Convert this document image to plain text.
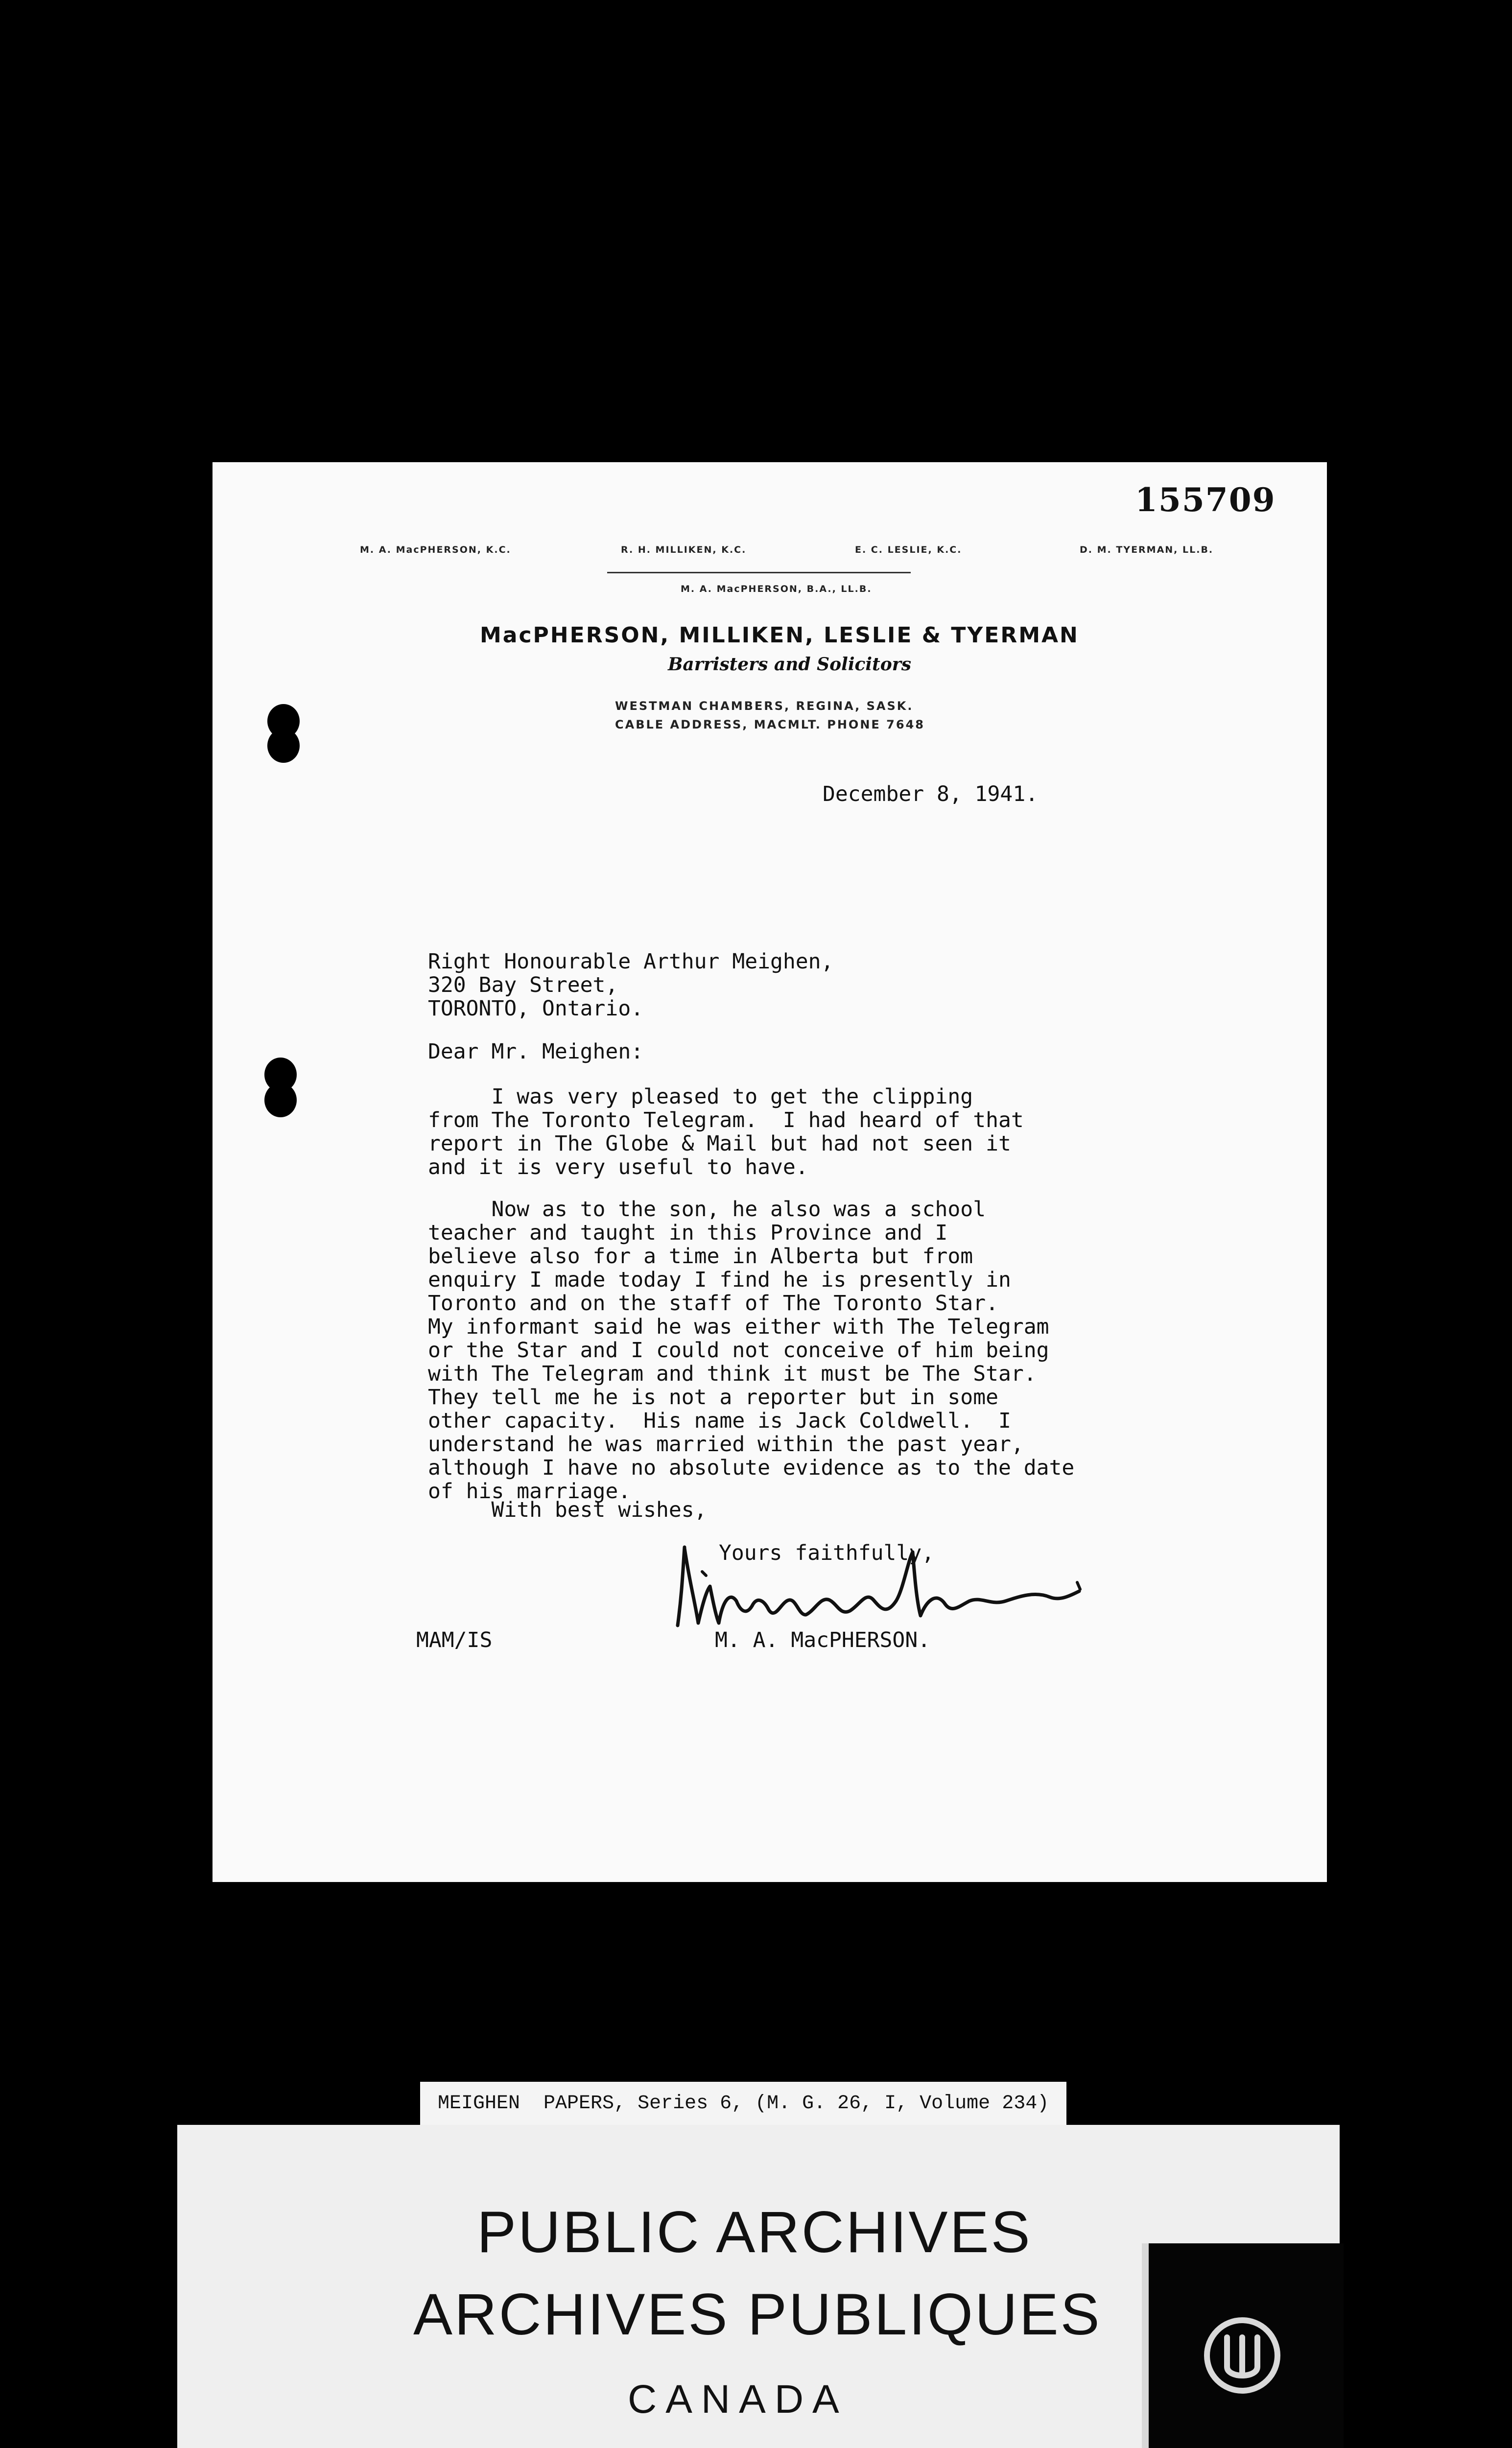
155709
M. A. MacPHERSON, K.C.	R. H. MILLIKEN, K.C.	E. C. LESLIE, K.C.	D. M. TYERMAN, LL.B.
M. A. MacPHERSON, B.A., LL.B.
MacPHERSON, MILLIKEN, LESLIE & TYERMAN
Barristers and Solicitors
WESTMAN CHAMBERS, REGINA, SASK.
CABLE ADDRESS, MACMLT. PHONE 7648
December 8, 1941.
Right Honourable Arthur Meighen,
320 Bay Street,
TORONTO, Ontario.
Dear Mr. Meighen:
I was very pleased to get the clipping
from The Toronto Telegram.  I had heard of that
report in The Globe & Mail but had not seen it
and it is very useful to have.
Now as to the son, he also was a school
teacher and taught in this Province and I
believe also for a time in Alberta but from
enquiry I made today I find he is presently in
Toronto and on the staff of The Toronto Star.
My informant said he was either with The Telegram
or the Star and I could not conceive of him being
with The Telegram and think it must be The Star.
They tell me he is not a reporter but in some
other capacity.  His name is Jack Coldwell.  I
understand he was married within the past year,
although I have no absolute evidence as to the date
of his marriage.
With best wishes,
Yours faithfully,
MAM/IS	M. A. MacPHERSON.
MEIGHEN  PAPERS, Series 6, (M. G. 26, I, Volume 234)
PUBLIC ARCHIVES
ARCHIVES PUBLIQUES
CANADA
